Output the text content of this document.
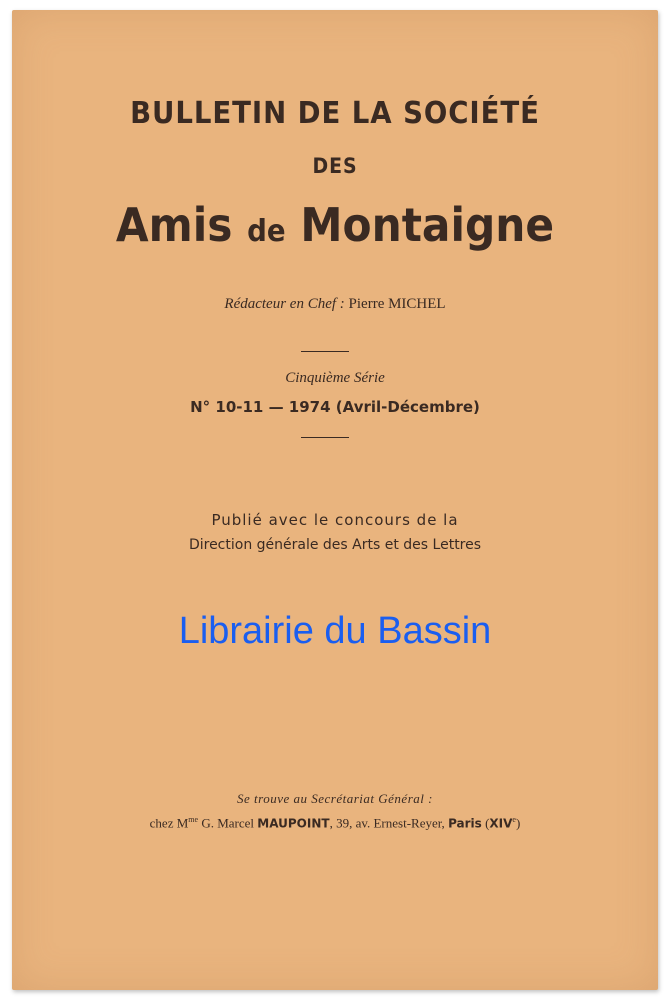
BULLETIN DE LA SOCIÉTÉ
DES
Amis de Montaigne
Rédacteur en Chef : Pierre MICHEL
Cinquième Série
N° 10-11 — 1974 (Avril-Décembre)
Publié avec le concours de la
Direction générale des Arts et des Lettres
Librairie du Bassin
Se trouve au Secrétariat Général :
chez $M^{me}$ G. Marcel MAUPOINT, 39, av. Ernest-Reyer, Paris (XIVe)
